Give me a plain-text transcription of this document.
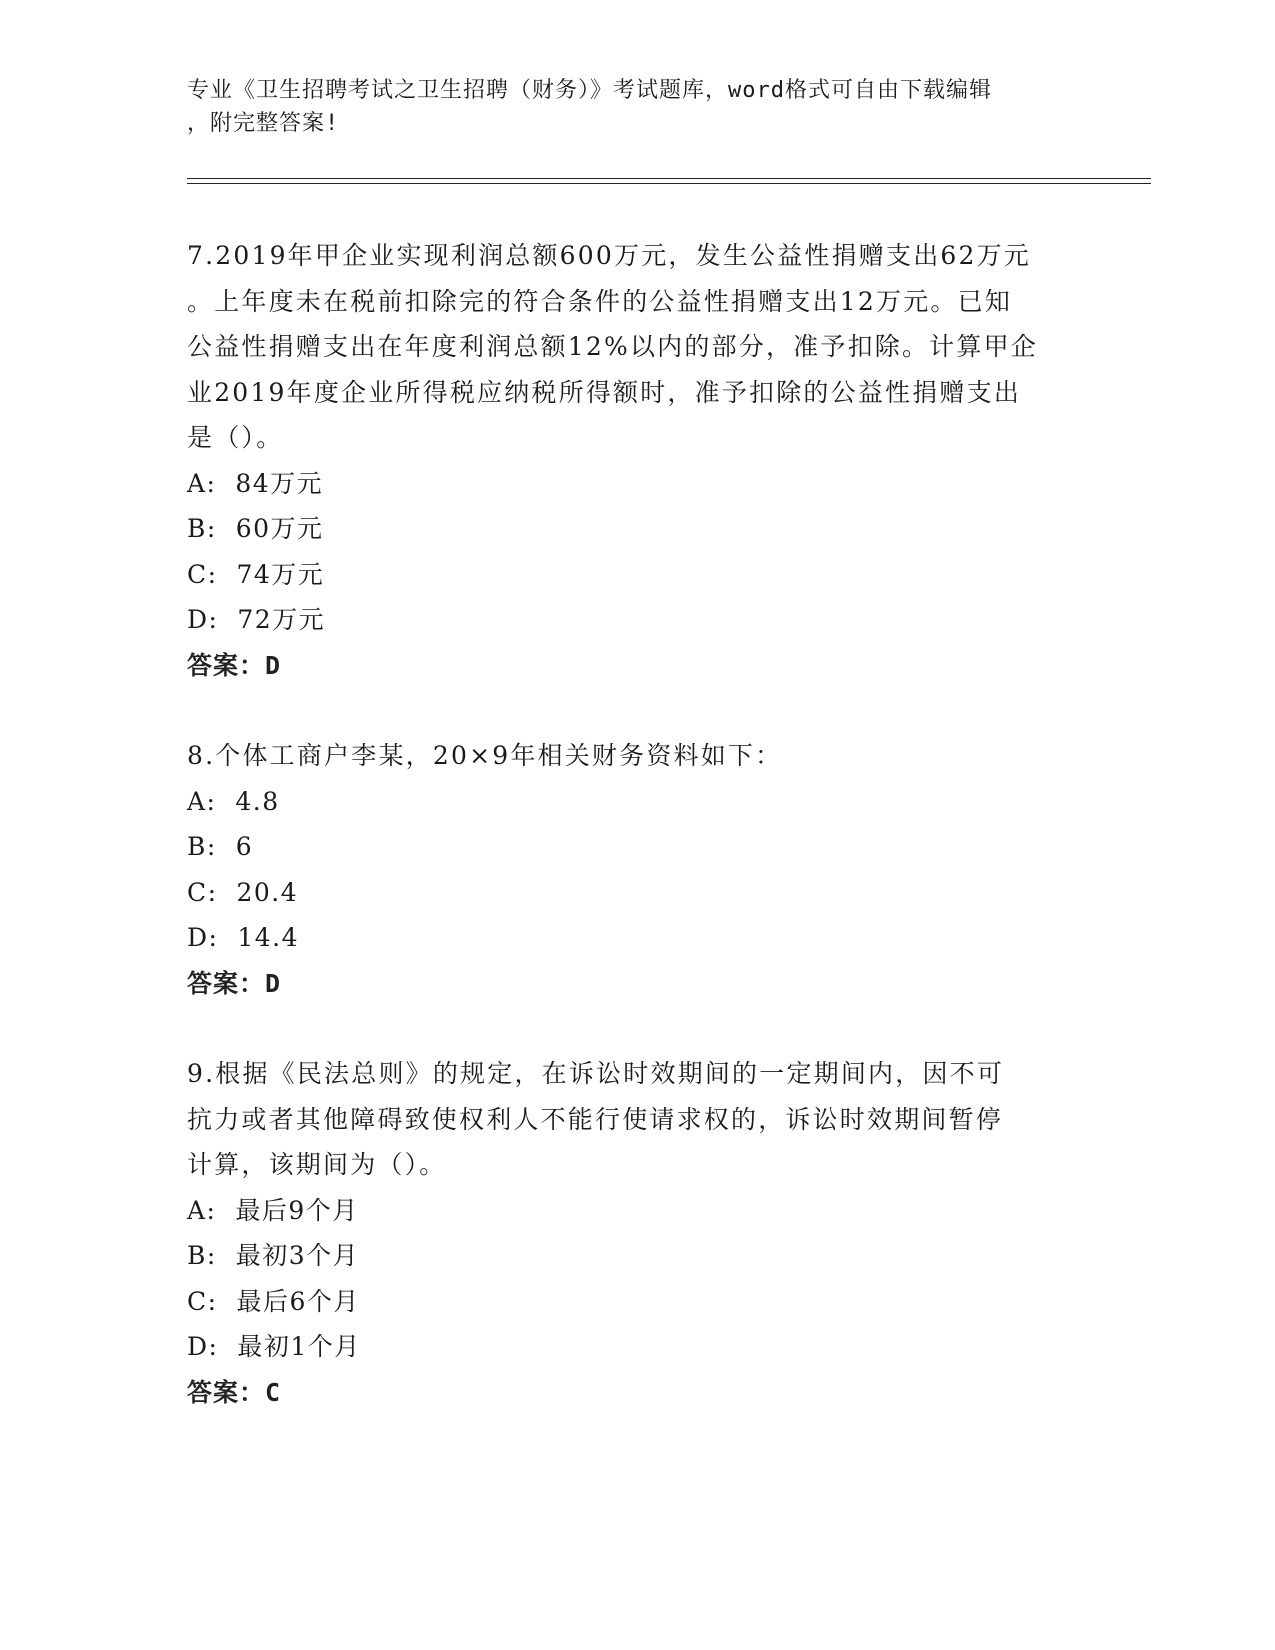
专业《卫生招聘考试之卫生招聘（财务）》考试题库，word格式可自由下载编辑
，附完整答案!

7.2019年甲企业实现利润总额600万元，发生公益性捐赠支出62万元

。上年度未在税前扣除完的符合条件的公益性捐赠支出12万元。已知

公益性捐赠支出在年度利润总额12%以内的部分，准予扣除。计算甲企

业2019年度企业所得税应纳税所得额时，准予扣除的公益性捐赠支出

是（）。

A:  84万元

B:  60万元

C:  74万元

D:  72万元

答案：D

8.个体工商户李某，20×9年相关财务资料如下：

A:  4.8

B:  6

C:  20.4

D:  14.4

答案：D

9.根据《民法总则》的规定，在诉讼时效期间的一定期间内，因不可

抗力或者其他障碍致使权利人不能行使请求权的，诉讼时效期间暂停

计算，该期间为（）。

A:  最后9个月

B:  最初3个月

C:  最后6个月

D:  最初1个月

答案：C
